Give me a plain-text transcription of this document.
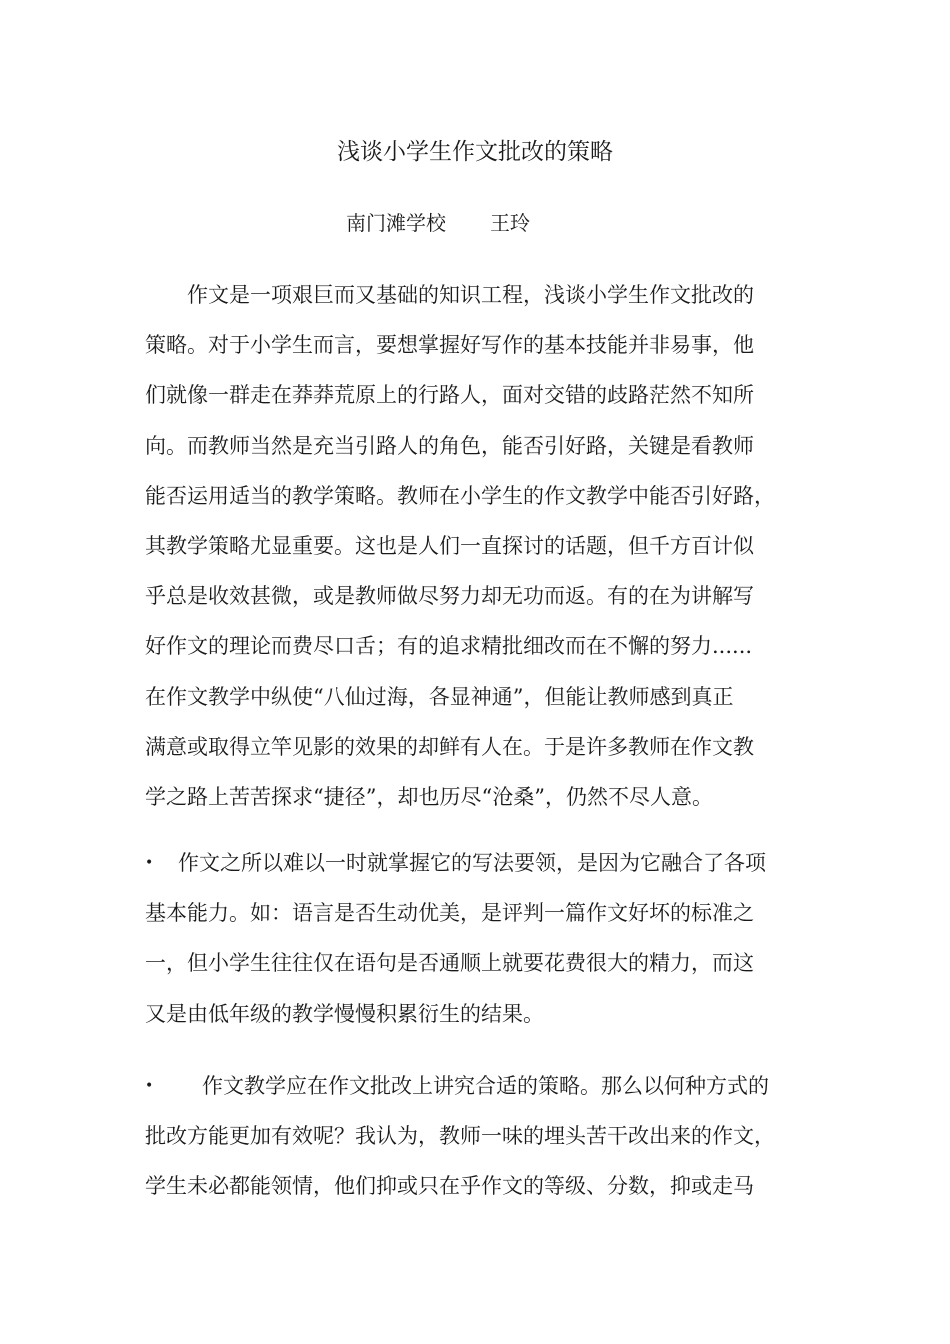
浅谈小学生作文批改的策略
南门滩学校 王玲

　　作文是一项艰巨而又基础的知识工程，浅谈小学生作文批改的
策略。对于小学生而言，要想掌握好写作的基本技能并非易事，他
们就像一群走在莽莽荒原上的行路人，面对交错的歧路茫然不知所
向。而教师当然是充当引路人的角色，能否引好路，关键是看教师
能否运用适当的教学策略。教师在小学生的作文教学中能否引好路，
其教学策略尤显重要。这也是人们一直探讨的话题，但千方百计似
乎总是收效甚微，或是教师做尽努力却无功而返。有的在为讲解写
好作文的理论而费尽口舌；有的追求精批细改而在不懈的努力......
在作文教学中纵使“八仙过海，各显神通”，但能让教师感到真正
满意或取得立竿见影的效果的却鲜有人在。于是许多教师在作文教
学之路上苦苦探求“捷径”，却也历尽“沧桑”，仍然不尽人意。

• 作文之所以难以一时就掌握它的写法要领，是因为它融合了各项
基本能力。如：语言是否生动优美，是评判一篇作文好坏的标准之
一，但小学生往往仅在语句是否通顺上就要花费很大的精力，而这
又是由低年级的教学慢慢积累衍生的结果。

• 作文教学应在作文批改上讲究合适的策略。那么以何种方式的
批改方能更加有效呢？我认为，教师一味的埋头苦干改出来的作文，
学生未必都能领情，他们抑或只在乎作文的等级、分数，抑或走马
